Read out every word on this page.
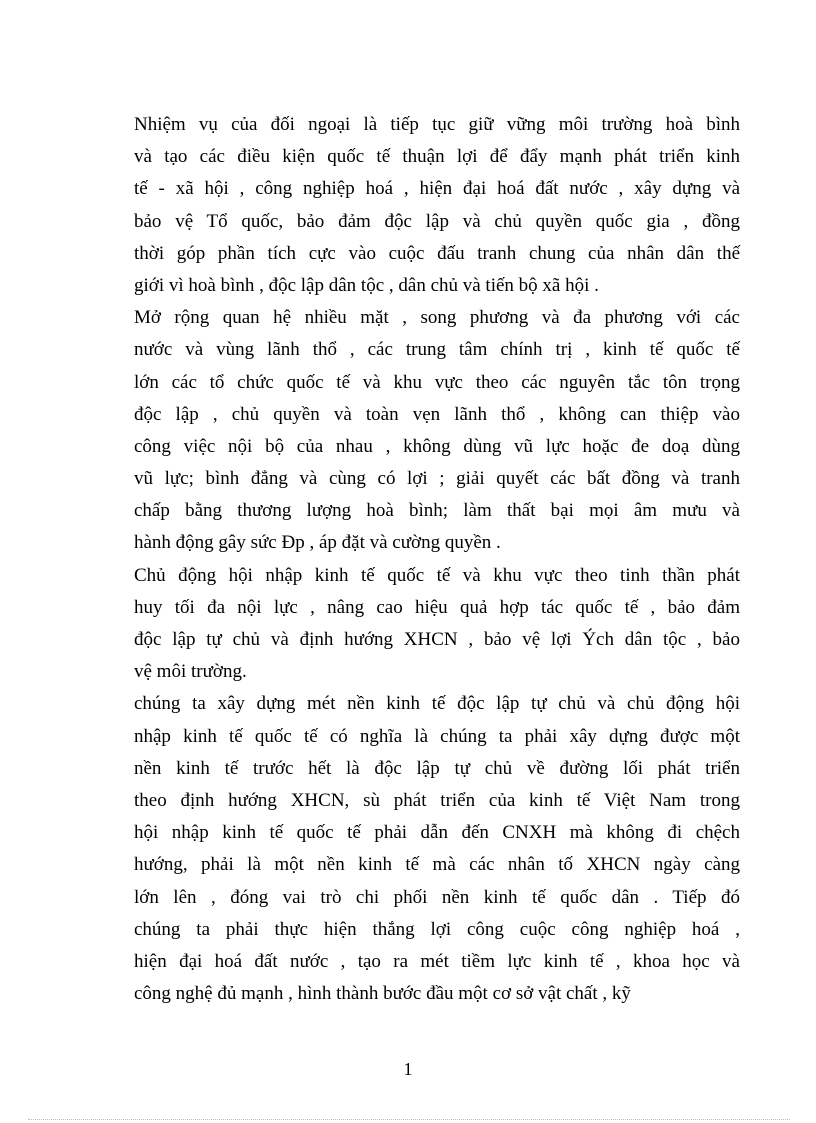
Nhiệm vụ của đối ngoại là tiếp tục giữ vững môi trường hoà bình
và tạo các điều kiện quốc tế thuận lợi để đẩy mạnh phát triển kinh
tế - xã hội , công nghiệp hoá , hiện đại hoá đất nước , xây dựng và
bảo vệ Tổ quốc, bảo đảm độc lập và chủ quyền quốc gia , đồng
thời góp phần tích cực vào cuộc đấu tranh chung của nhân dân thế
giới vì hoà bình , độc lập dân tộc , dân chủ và tiến bộ xã hội .
Mở rộng quan hệ nhiều mặt , song phương và đa phương với các
nước và vùng lãnh thổ , các trung tâm chính trị , kinh tế quốc tế
lớn các tổ chức quốc tế và khu vực theo các nguyên tắc tôn trọng
độc lập , chủ quyền và toàn vẹn lãnh thổ , không can thiệp vào
công việc nội bộ của nhau , không dùng vũ lực hoặc đe doạ dùng
vũ lực; bình đẳng và cùng có lợi ; giải quyết các bất đồng và tranh
chấp bằng thương lượng hoà bình; làm thất bại mọi âm mưu và
hành động gây sức Đp , áp đặt và cường quyền .
Chủ động hội nhập kinh tế quốc tế và khu vực theo tinh thần phát
huy tối đa nội lực , nâng cao hiệu quả hợp tác quốc tế , bảo đảm
độc lập tự chủ và định hướng XHCN , bảo vệ lợi Ých dân tộc , bảo
vệ môi trường.
chúng ta xây dựng mét nền kinh tế độc lập tự chủ và chủ động hội
nhập kinh tế quốc tế có nghĩa là chúng ta phải xây dựng được một
nền kinh tế trước hết là độc lập tự chủ về đường lối phát triển
theo định hướng XHCN, sù phát triển của kinh tế Việt Nam trong
hội nhập kinh tế quốc tế phải dẫn đến CNXH mà không đi chệch
hướng, phải là một nền kinh tế mà các nhân tố XHCN ngày càng
lớn lên , đóng vai trò chi phối nền kinh tế quốc dân . Tiếp đó
chúng ta phải thực hiện thắng lợi công cuộc công nghiệp hoá ,
hiện đại hoá đất nước , tạo ra mét tiềm lực kinh tế , khoa học và
công nghệ đủ mạnh , hình thành bước đầu một cơ sở vật chất , kỹ
1
